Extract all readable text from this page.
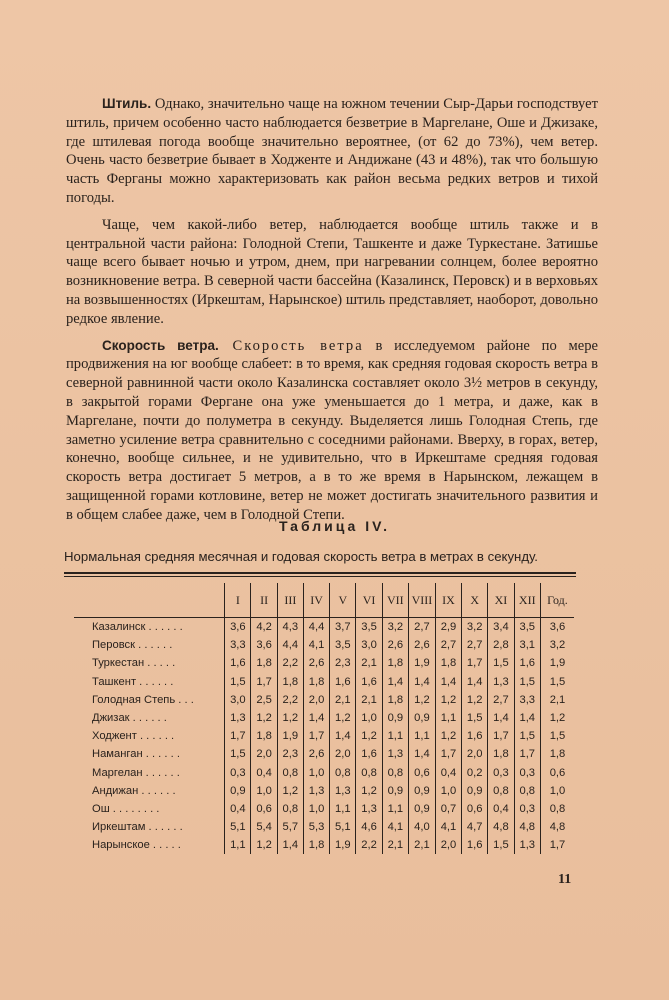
Штиль. Однако, значительно чаще на южном течении Сыр-Дарьи господствует штиль, причем особенно часто наблюдается безветрие в Маргелане, Оше и Джизаке, где штилевая погода вообще значительно вероятнее, (от 62 до 73%), чем ветер. Очень часто безветрие бывает в Ходженте и Андижане (43 и 48%), так что большую часть Ферганы можно характеризовать как район весьма редких ветров и тихой погоды.

Чаще, чем какой-либо ветер, наблюдается вообще штиль также и в центральной части района: Голодной Степи, Ташкенте и даже Туркестане. Затишье чаще всего бывает ночью и утром, днем, при нагревании солнцем, более вероятно возникновение ветра. В северной части бассейна (Казалинск, Перовск) и в верховьях на возвышенностях (Иркештам, Нарынское) штиль представляет, наоборот, довольно редкое явление.

Скорость ветра. Скорость ветра в исследуемом районе по мере продвижения на юг вообще слабеет: в то время, как средняя годовая скорость ветра в северной равнинной части около Казалинска составляет около 3½ метров в секунду, в закрытой горами Фергане она уже уменьшается до 1 метра, и даже, как в Маргелане, почти до полуметра в секунду. Выделяется лишь Голодная Степь, где заметно усиление ветра сравнительно с соседними районами. Вверху, в горах, ветер, конечно, вообще сильнее, и не удивительно, что в Иркештаме средняя годовая скорость ветра достигает 5 метров, а в то же время в Нарынском, лежащем в защищенной горами котловине, ветер не может достигать значительного развития и в общем слабее даже, чем в Голодной Степи.

Таблица IV.
Нормальная средняя месячная и годовая скорость ветра в метрах в секунду.
	I	II	III	IV	V	VI	VII	VIII	IX	X	XI	XII	Год.
Казалинск . . . . . .	3,6	4,2	4,3	4,4	3,7	3,5	3,2	2,7	2,9	3,2	3,4	3,5	3,6
Перовск . . . . . .	3,3	3,6	4,4	4,1	3,5	3,0	2,6	2,6	2,7	2,7	2,8	3,1	3,2
Туркестан . . . . .	1,6	1,8	2,2	2,6	2,3	2,1	1,8	1,9	1,8	1,7	1,5	1,6	1,9
Ташкент . . . . . .	1,5	1,7	1,8	1,8	1,6	1,6	1,4	1,4	1,4	1,4	1,3	1,5	1,5
Голодная Степь . . .	3,0	2,5	2,2	2,0	2,1	2,1	1,8	1,2	1,2	1,2	2,7	3,3	2,1
Джизак . . . . . .	1,3	1,2	1,2	1,4	1,2	1,0	0,9	0,9	1,1	1,5	1,4	1,4	1,2
Ходжент . . . . . .	1,7	1,8	1,9	1,7	1,4	1,2	1,1	1,1	1,2	1,6	1,7	1,5	1,5
Наманган . . . . . .	1,5	2,0	2,3	2,6	2,0	1,6	1,3	1,4	1,7	2,0	1,8	1,7	1,8
Маргелан . . . . . .	0,3	0,4	0,8	1,0	0,8	0,8	0,8	0,6	0,4	0,2	0,3	0,3	0,6
Андижан . . . . . .	0,9	1,0	1,2	1,3	1,3	1,2	0,9	0,9	1,0	0,9	0,8	0,8	1,0
Ош . . . . . . . .	0,4	0,6	0,8	1,0	1,1	1,3	1,1	0,9	0,7	0,6	0,4	0,3	0,8
Иркештам . . . . . .	5,1	5,4	5,7	5,3	5,1	4,6	4,1	4,0	4,1	4,7	4,8	4,8	4,8
Нарынское . . . . .	1,1	1,2	1,4	1,8	1,9	2,2	2,1	2,1	2,0	1,6	1,5	1,3	1,7
11
